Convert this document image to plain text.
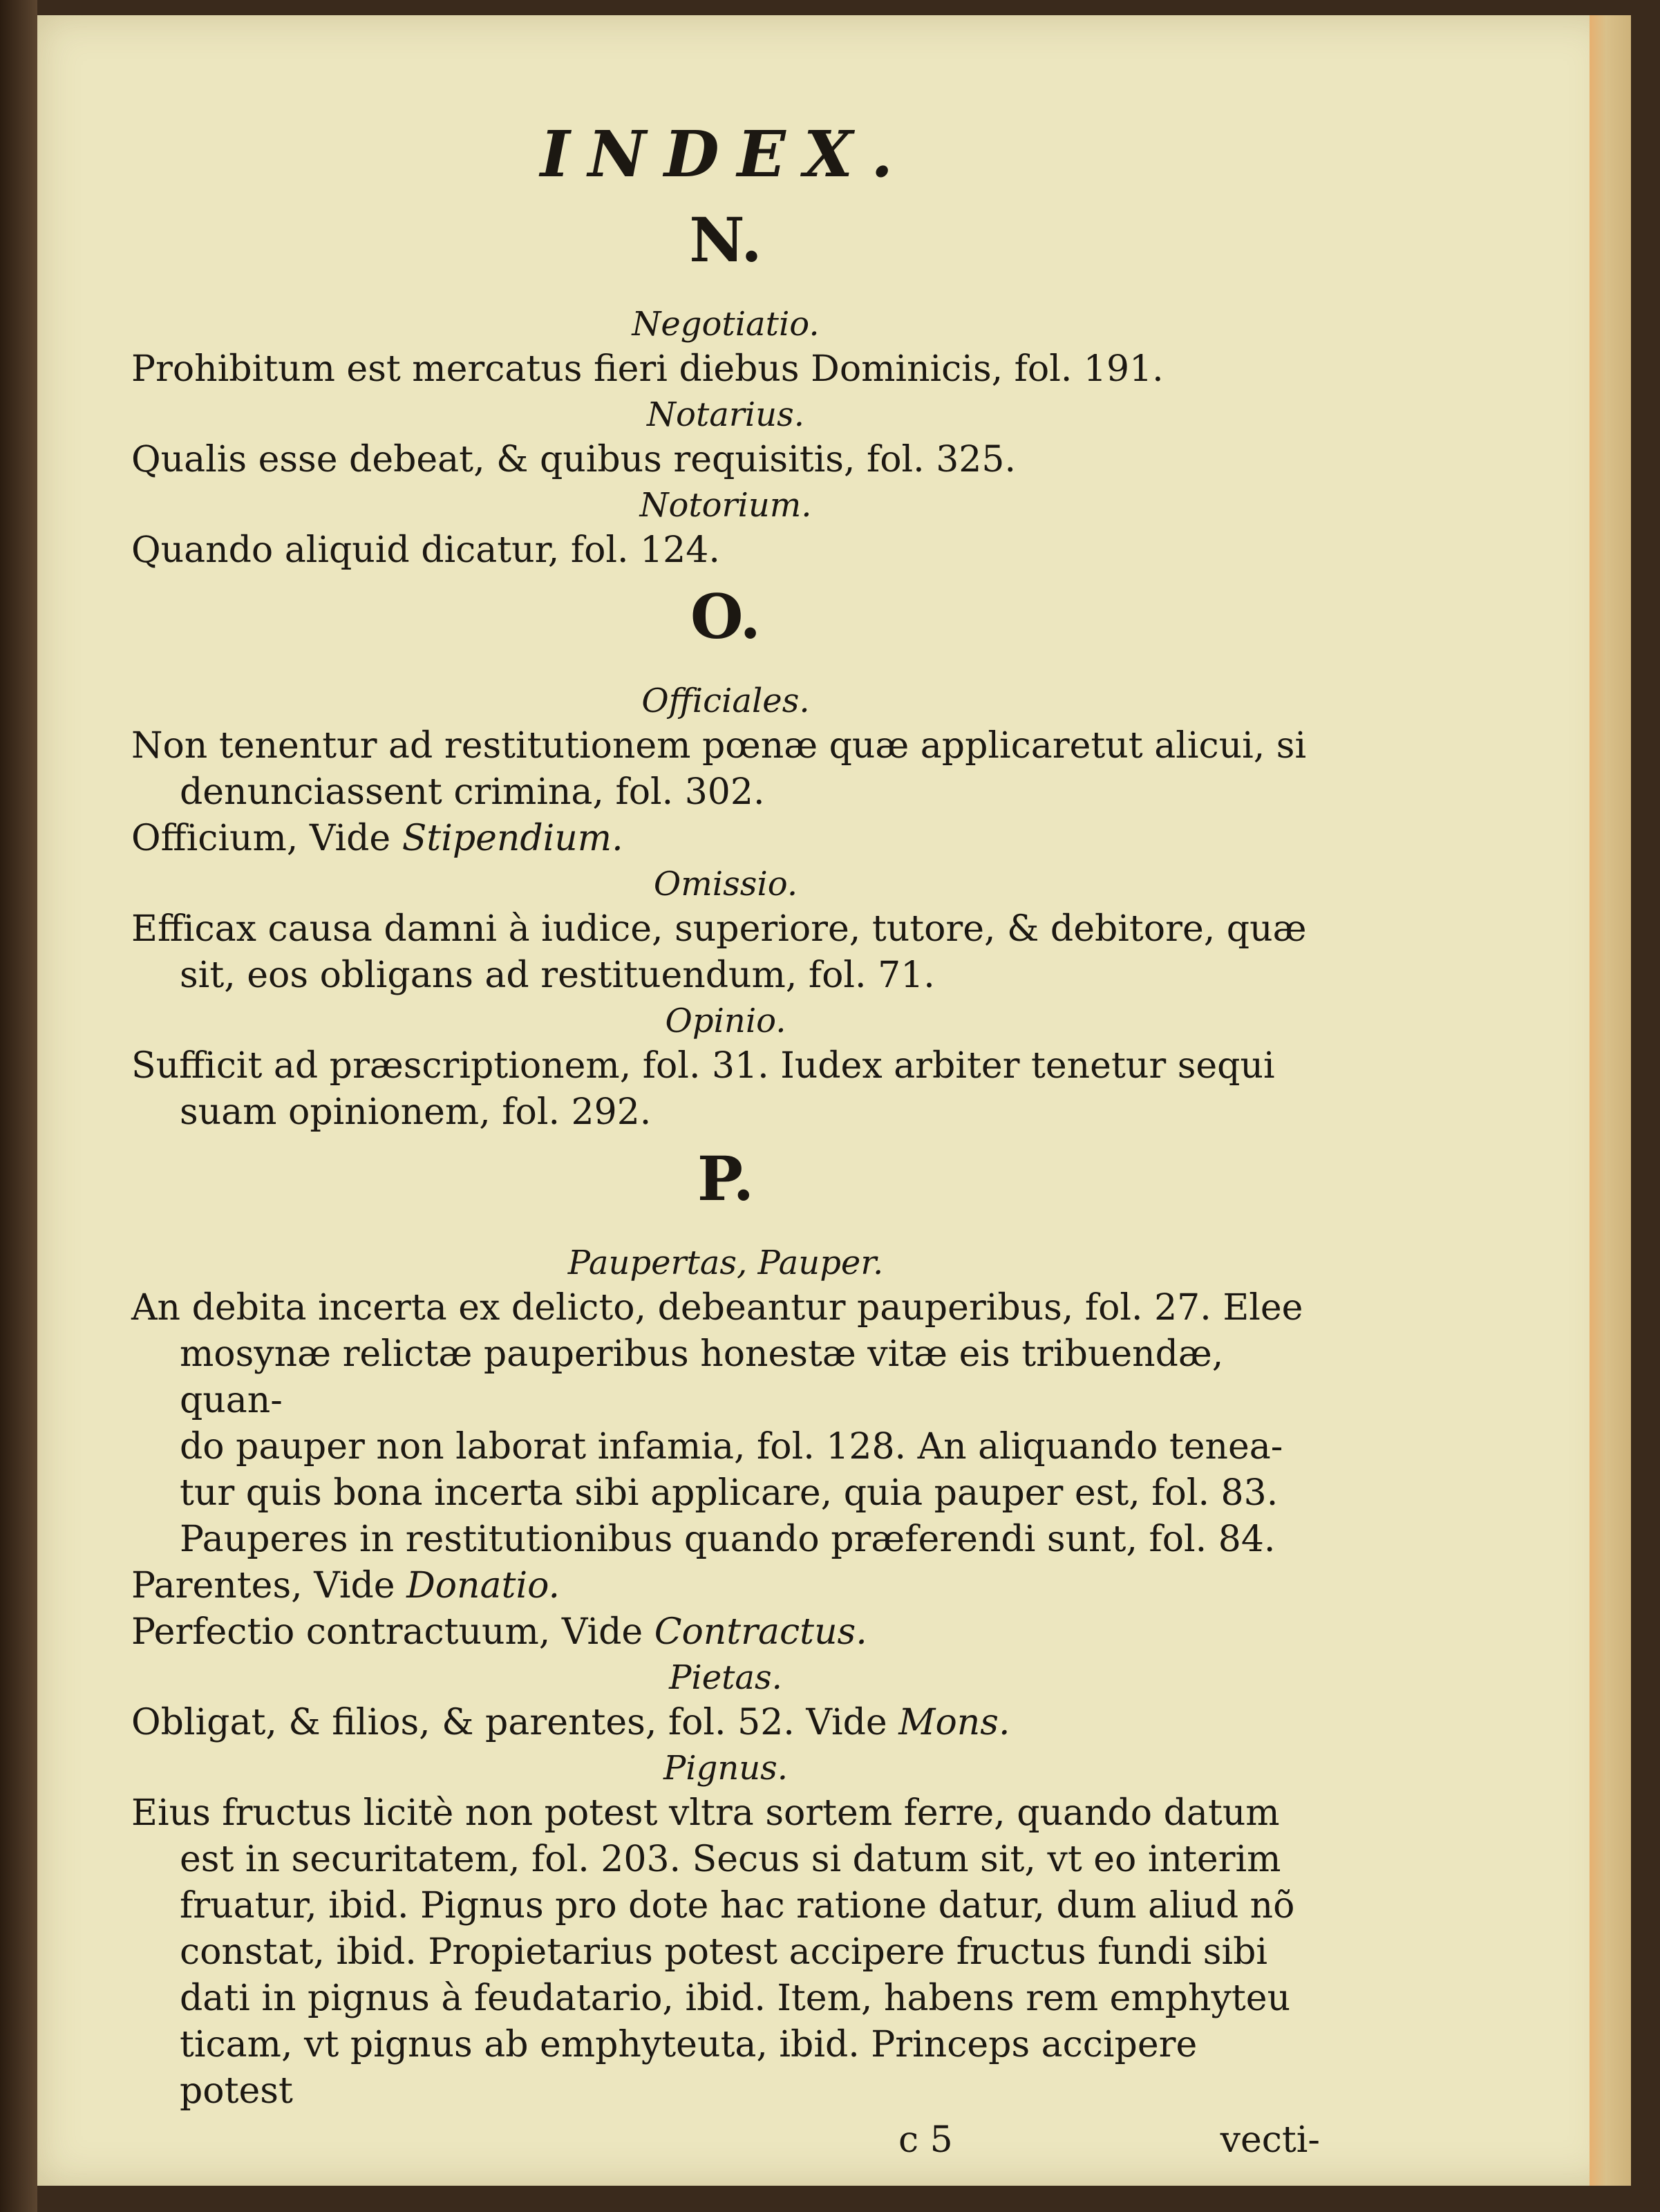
INDEX.
N.
Negotiatio.
Prohibitum est mercatus fieri diebus Dominicis, fol. 191.
Notarius.
Qualis esse debeat, & quibus requisitis, fol. 325.
Notorium.
Quando aliquid dicatur, fol. 124.
O.
Officiales.
Non tenentur ad restitutionem pœnæ quæ applicaretut alicui, si
denunciassent crimina, fol. 302.
Officium, Vide Stipendium.
Omissio.
Efficax causa damni à iudice, superiore, tutore, & debitore, quæ
sit, eos obligans ad restituendum, fol. 71.
Opinio.
Sufficit ad præscriptionem, fol. 31. Iudex arbiter tenetur sequi
suam opinionem, fol. 292.
P.
Paupertas, Pauper.
An debita incerta ex delicto, debeantur pauperibus, fol. 27. Elee
mosynæ relictæ pauperibus honestæ vitæ eis tribuendæ, quan-
do pauper non laborat infamia, fol. 128. An aliquando tenea-
tur quis bona incerta sibi applicare, quia pauper est, fol. 83.
Pauperes in restitutionibus quando præferendi sunt, fol. 84.
Parentes, Vide Donatio.
Perfectio contractuum, Vide Contractus.
Pietas.
Obligat, & filios, & parentes, fol. 52. Vide Mons.
Pignus.
Eius fructus licitè non potest vltra sortem ferre, quando datum
est in securitatem, fol. 203. Secus si datum sit, vt eo interim
fruatur, ibid. Pignus pro dote hac ratione datur, dum aliud nõ
constat, ibid. Propietarius potest accipere fructus fundi sibi
dati in pignus à feudatario, ibid. Item, habens rem emphyteu
ticam, vt pignus ab emphyteuta, ibid. Princeps accipere potest
c 5	vecti-
